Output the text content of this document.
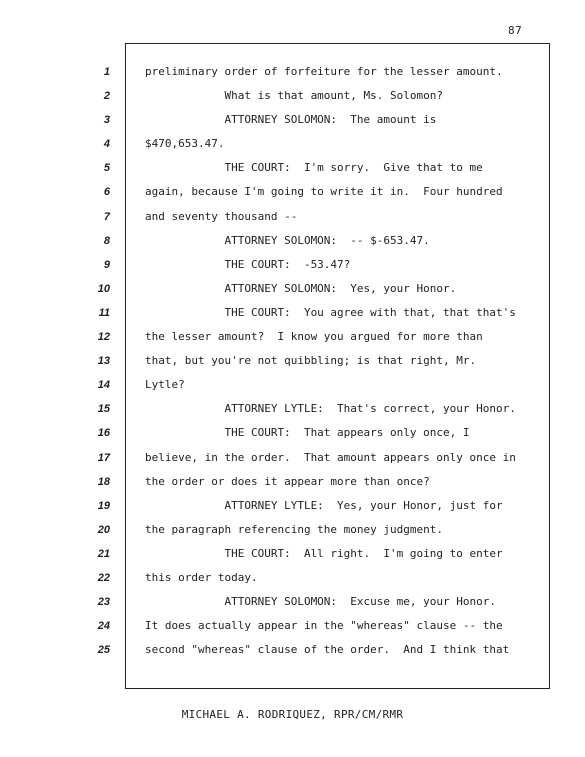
87
1
2
3
4
5
6
7
8
9
10
11
12
13
14
15
16
17
18
19
20
21
22
23
24
25
preliminary order of forfeiture for the lesser amount.
What is that amount, Ms. Solomon?
ATTORNEY SOLOMON:  The amount is
$470,653.47.
THE COURT:  I'm sorry.  Give that to me
again, because I'm going to write it in.  Four hundred
and seventy thousand --
ATTORNEY SOLOMON:  -- $-653.47.
THE COURT:  -53.47?
ATTORNEY SOLOMON:  Yes, your Honor.
THE COURT:  You agree with that, that that's
the lesser amount?  I know you argued for more than
that, but you're not quibbling; is that right, Mr.
Lytle?
ATTORNEY LYTLE:  That's correct, your Honor.
THE COURT:  That appears only once, I
believe, in the order.  That amount appears only once in
the order or does it appear more than once?
ATTORNEY LYTLE:  Yes, your Honor, just for
the paragraph referencing the money judgment.
THE COURT:  All right.  I'm going to enter
this order today.
ATTORNEY SOLOMON:  Excuse me, your Honor.
It does actually appear in the "whereas" clause -- the
second "whereas" clause of the order.  And I think that
MICHAEL A. RODRIQUEZ, RPR/CM/RMR
